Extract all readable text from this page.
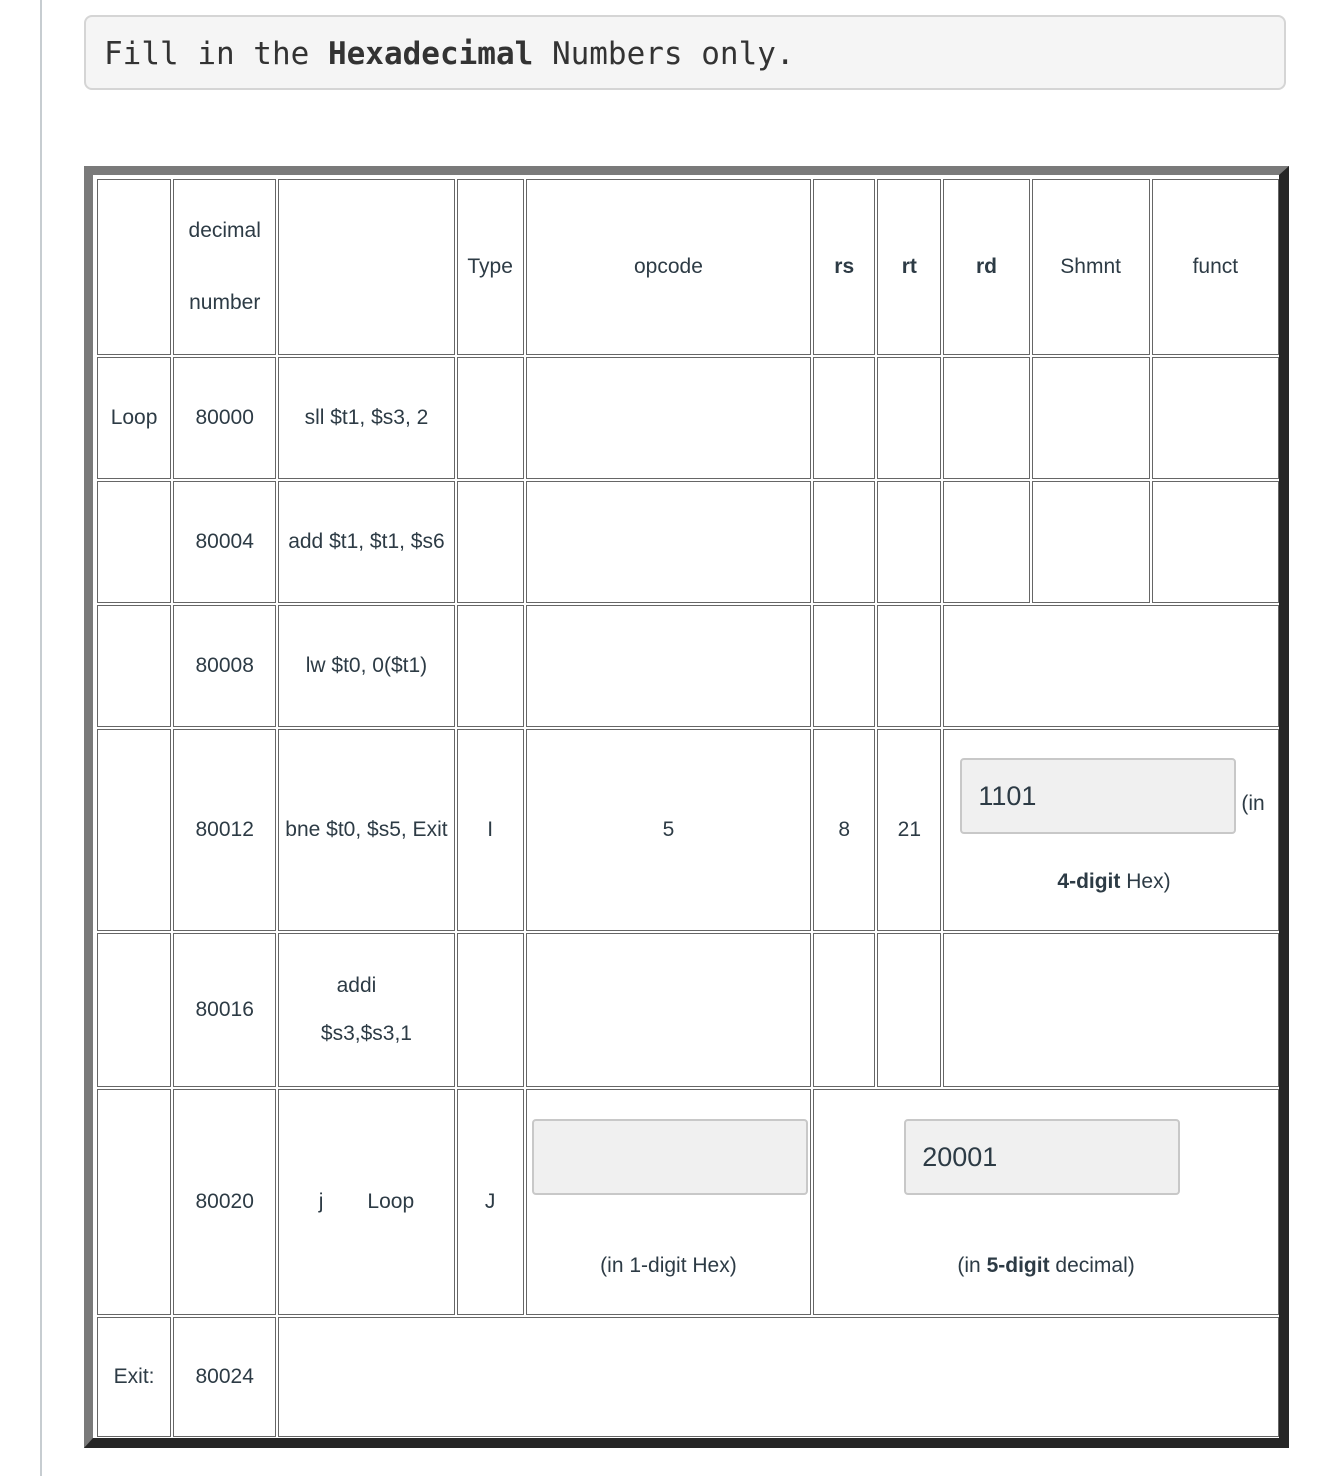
Fill in the Hexadecimal Numbers only.

	decimal
number		Type	opcode	rs	rt	rd	Shmnt	funct
Loop	80000	sll $t1, $s3, 2							
	80004	add $t1, $t1, $s6							
	80008	lw $t0, 0($t1)							
	80012	bne $t0, $s5, Exit	I	5	8	21	
1101
(in
4-digit Hex)

	80016	addi
$s3,$s3,1							
	80020	j Loop	J	(in 1-digit Hex)

20001
(in 5-digit decimal)

Exit:	80024								
